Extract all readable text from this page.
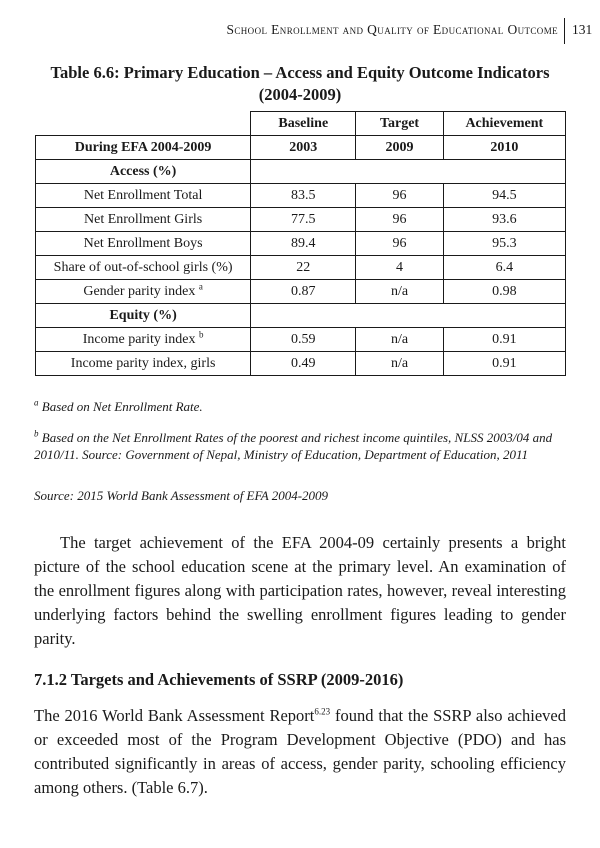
School Enrollment and Quality of Educational Outcome 131
Table 6.6: Primary Education – Access and Equity Outcome Indicators
(2004-2009)
	Baseline	Target	Achievement
During EFA 2004-2009	2003	2009	2010
Access (%)			
Net Enrollment Total	83.5	96	94.5
Net Enrollment Girls	77.5	96	93.6
Net Enrollment Boys	89.4	96	95.3
Share of out-of-school girls (%)	22	4	6.4
Gender parity index $^a$	0.87	n/a	0.98
Equity (%)			
Income parity index $^b$	0.59	n/a	0.91
Income parity index, girls	0.49	n/a	0.91

$^a$ Based on Net Enrollment Rate.

$^b$ Based on the Net Enrollment Rates of the poorest and richest income quintiles, NLSS 2003/04 and 2010/11. Source: Government of Nepal, Ministry of Education, Department of Education, 2011

Source: 2015 World Bank Assessment of EFA 2004-2009

The target achievement of the EFA 2004-09 certainly presents a bright picture of the school education scene at the primary level. An examination of the enrollment figures along with participation rates, however, reveal interesting underlying factors behind the swelling enrollment figures leading to gender parity.

7.1.2 Targets and Achievements of SSRP (2009-2016)

The 2016 World Bank Assessment Report$^{6.23}$ found that the SSRP also achieved or exceeded most of the Program Development Objective (PDO) and has contributed significantly in areas of access, gender parity, schooling efficiency among others. (Table 6.7).
